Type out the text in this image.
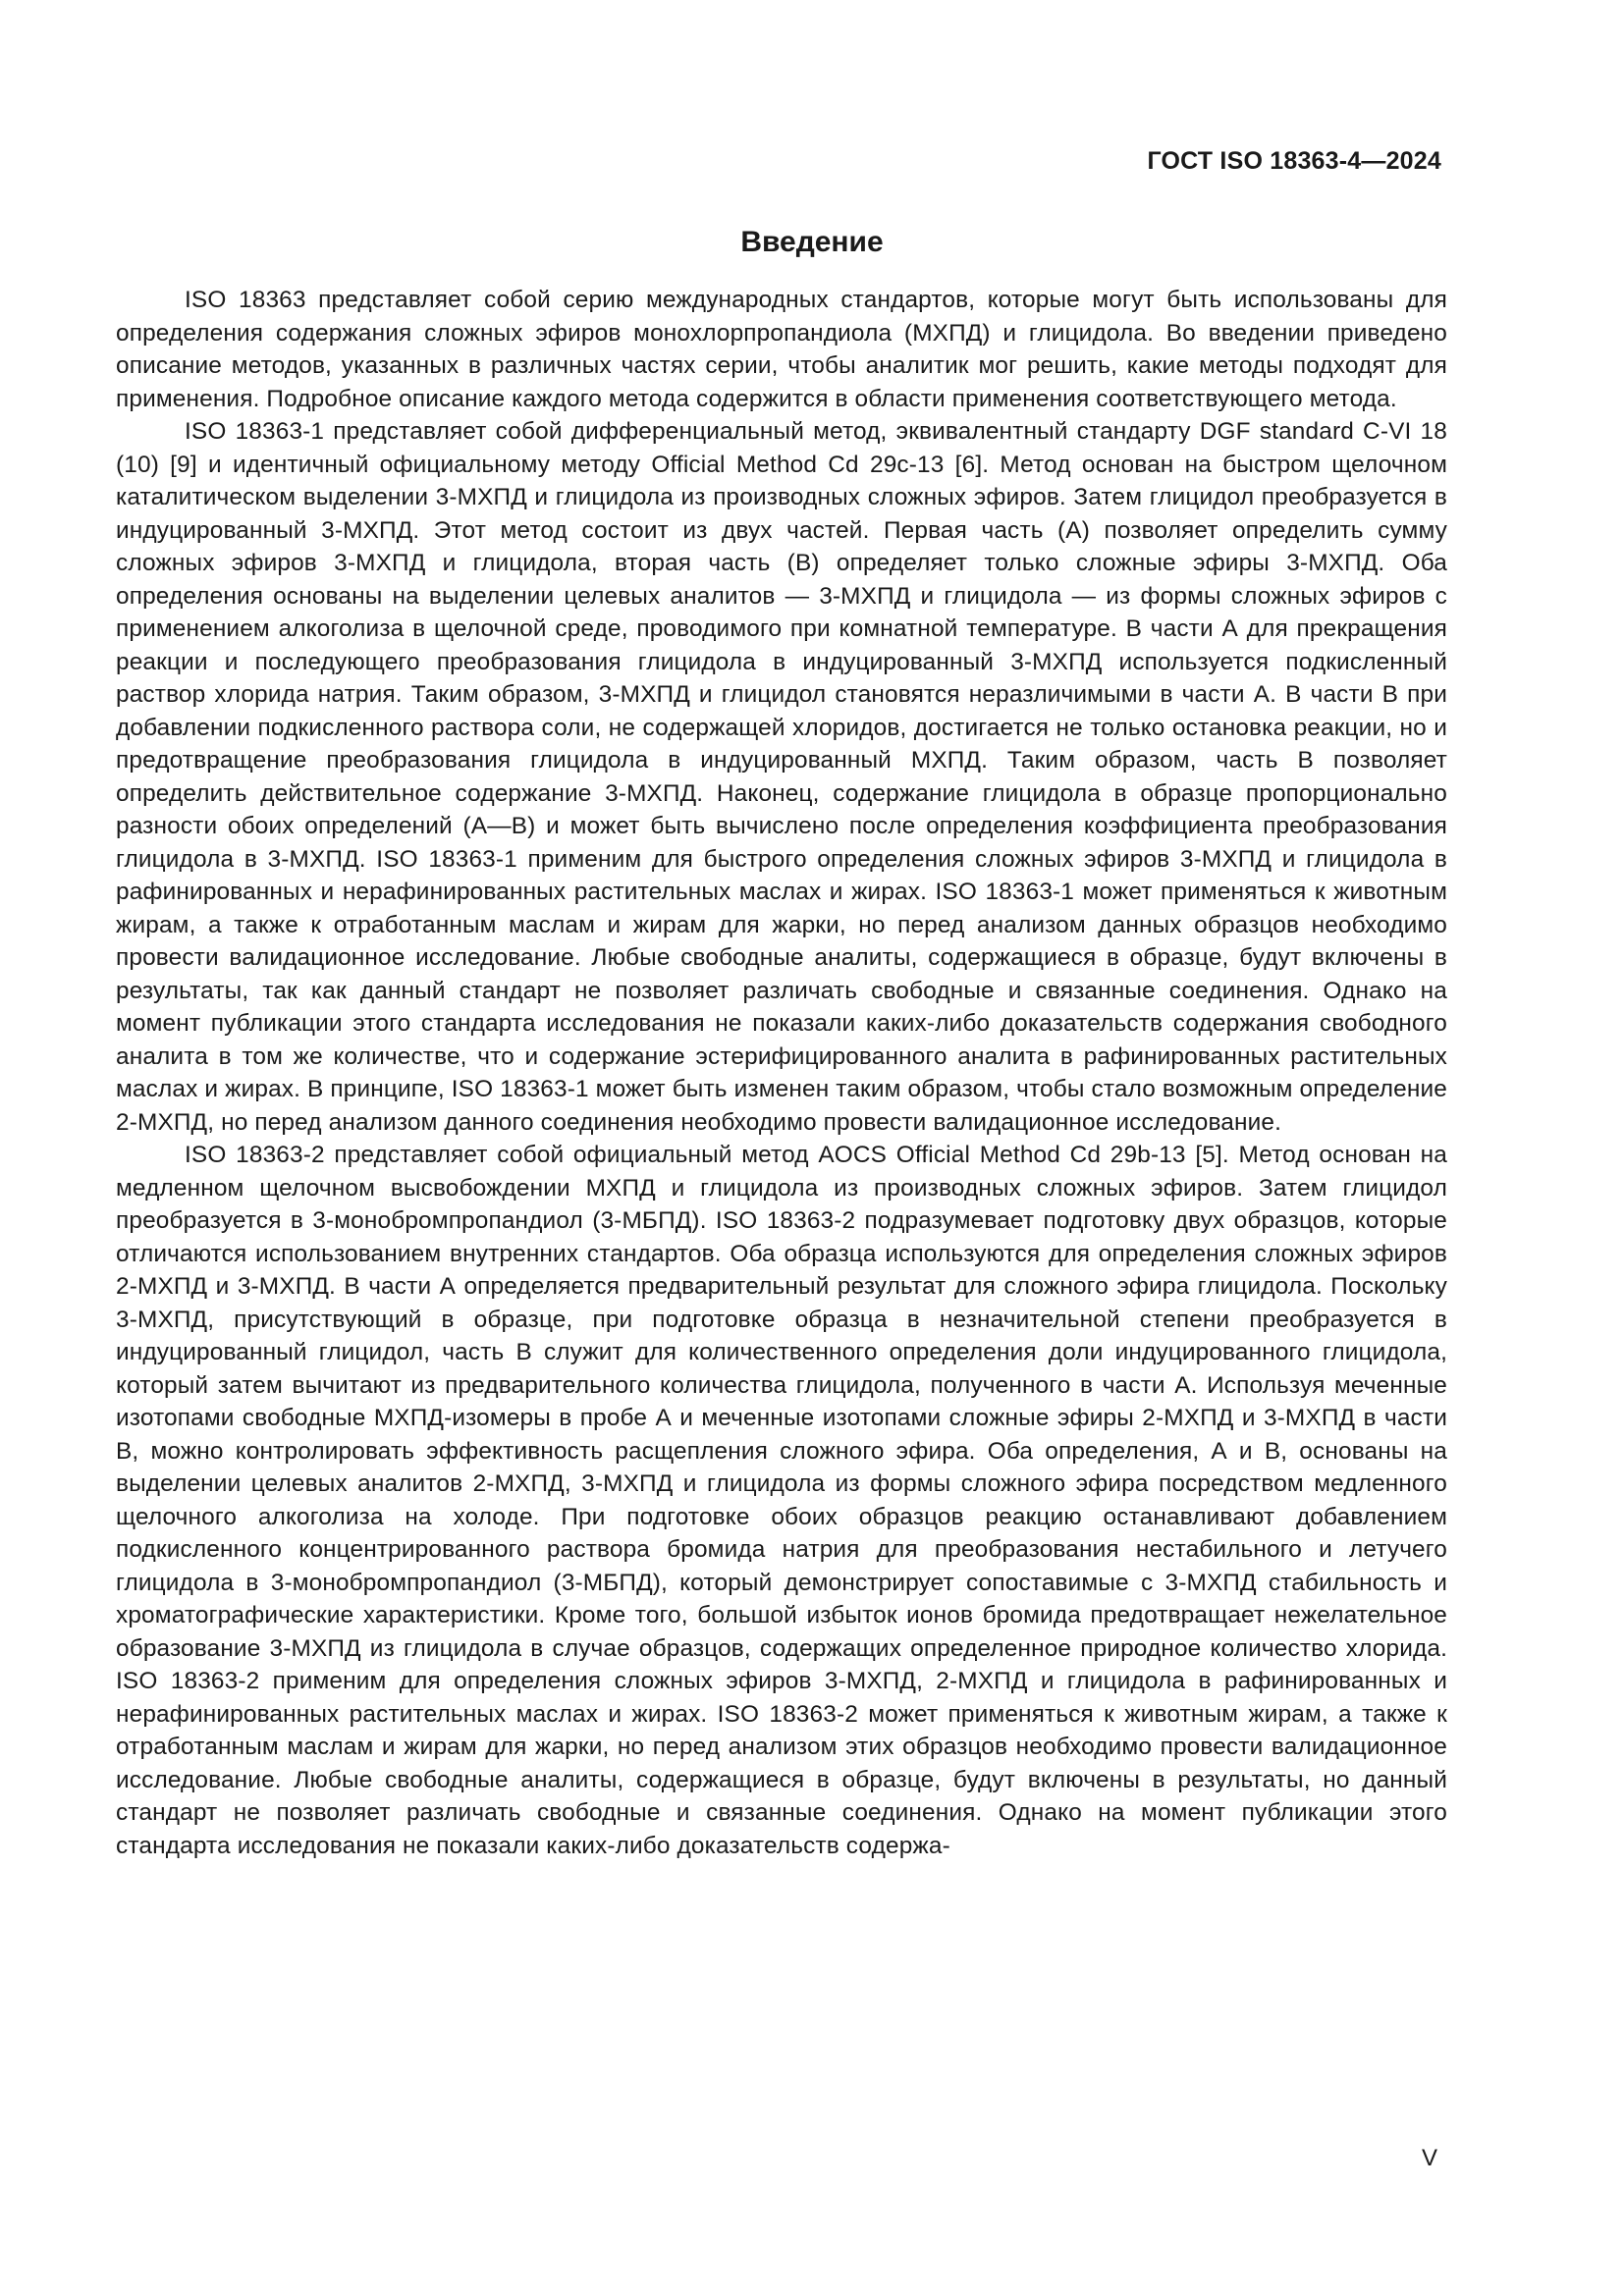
ГОСТ ISO 18363-4—2024
Введение

ISO 18363 представляет собой серию международных стандартов, которые могут быть использованы для определения содержания сложных эфиров монохлорпропандиола (МХПД) и глицидола. Во введении приведено описание методов, указанных в различных частях серии, чтобы аналитик мог решить, какие методы подходят для применения. Подробное описание каждого метода содержится в области применения соответствующего метода.

ISO 18363-1 представляет собой дифференциальный метод, эквивалентный стандарту DGF standard C-VI 18 (10) [9] и идентичный официальному методу Official Method Cd 29c-13 [6]. Метод основан на быстром щелочном каталитическом выделении 3-МХПД и глицидола из производных сложных эфиров. Затем глицидол преобразуется в индуцированный 3-МХПД. Этот метод состоит из двух частей. Первая часть (А) позволяет определить сумму сложных эфиров 3-МХПД и глицидола, вторая часть (В) определяет только сложные эфиры 3-МХПД. Оба определения основаны на выделении целевых аналитов — 3-МХПД и глицидола — из формы сложных эфиров с применением алкоголиза в щелочной среде, проводимого при комнатной температуре. В части А для прекращения реакции и последующего преобразования глицидола в индуцированный 3-МХПД используется подкисленный раствор хлорида натрия. Таким образом, 3-МХПД и глицидол становятся неразличимыми в части А. В части В при добавлении подкисленного раствора соли, не содержащей хлоридов, достигается не только остановка реакции, но и предотвращение преобразования глицидола в индуцированный МХПД. Таким образом, часть В позволяет определить действительное содержание 3-МХПД. Наконец, содержание глицидола в образце пропорционально разности обоих определений (А—В) и может быть вычислено после определения коэффициента преобразования глицидола в 3-МХПД. ISO 18363-1 применим для быстрого определения сложных эфиров 3-МХПД и глицидола в рафинированных и нерафинированных растительных маслах и жирах. ISO 18363-1 может применяться к животным жирам, а также к отработанным маслам и жирам для жарки, но перед анализом данных образцов необходимо провести валидационное исследование. Любые свободные аналиты, содержащиеся в образце, будут включены в результаты, так как данный стандарт не позволяет различать свободные и связанные соединения. Однако на момент публикации этого стандарта исследования не показали каких-либо доказательств содержания свободного аналита в том же количестве, что и содержание эстерифицированного аналита в рафинированных растительных маслах и жирах. В принципе, ISO 18363-1 может быть изменен таким образом, чтобы стало возможным определение 2-МХПД, но перед анализом данного соединения необходимо провести валидационное исследование.

ISO 18363-2 представляет собой официальный метод AOCS Official Method Cd 29b-13 [5]. Метод основан на медленном щелочном высвобождении МХПД и глицидола из производных сложных эфиров. Затем глицидол преобразуется в 3-монобромпропандиол (3-МБПД). ISO 18363-2 подразумевает подготовку двух образцов, которые отличаются использованием внутренних стандартов. Оба образца используются для определения сложных эфиров 2-МХПД и 3-МХПД. В части А определяется предварительный результат для сложного эфира глицидола. Поскольку 3-МХПД, присутствующий в образце, при подготовке образца в незначительной степени преобразуется в индуцированный глицидол, часть В служит для количественного определения доли индуцированного глицидола, который затем вычитают из предварительного количества глицидола, полученного в части А. Используя меченные изотопами свободные МХПД-изомеры в пробе А и меченные изотопами сложные эфиры 2-МХПД и 3-МХПД в части В, можно контролировать эффективность расщепления сложного эфира. Оба определения, А и В, основаны на выделении целевых аналитов 2-МХПД, 3-МХПД и глицидола из формы сложного эфира посредством медленного щелочного алкоголиза на холоде. При подготовке обоих образцов реакцию останавливают добавлением подкисленного концентрированного раствора бромида натрия для преобразования нестабильного и летучего глицидола в 3-монобромпропандиол (3-МБПД), который демонстрирует сопоставимые с 3-МХПД стабильность и хроматографические характеристики. Кроме того, большой избыток ионов бромида предотвращает нежелательное образование 3-МХПД из глицидола в случае образцов, содержащих определенное природное количество хлорида. ISO 18363-2 применим для определения сложных эфиров 3-МХПД, 2-МХПД и глицидола в рафинированных и нерафинированных растительных маслах и жирах. ISO 18363-2 может применяться к животным жирам, а также к отработанным маслам и жирам для жарки, но перед анализом этих образцов необходимо провести валидационное исследование. Любые свободные аналиты, содержащиеся в образце, будут включены в результаты, но данный стандарт не позволяет различать свободные и связанные соединения. Однако на момент публикации этого стандарта исследования не показали каких-либо доказательств содержа-

V
